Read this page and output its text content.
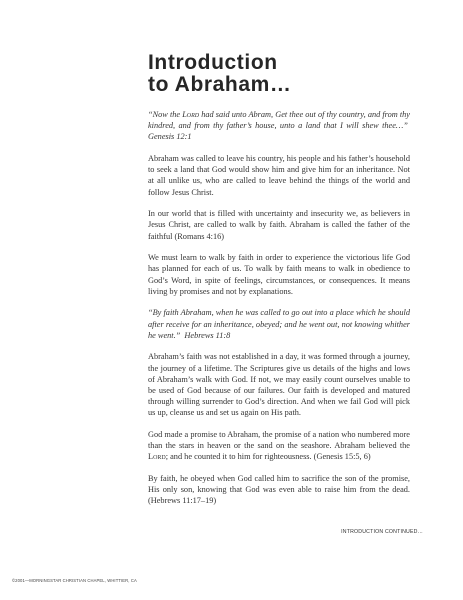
Introduction
to Abraham…

“Now the Lord had said unto Abram, Get thee out of thy country, and from thy kindred, and from thy father’s house, unto a land that I will shew thee…”  Genesis 12:1

Abraham was called to leave his country, his people and his father’s household to seek a land that God would show him and give him for an inheritance. Not at all unlike us, who are called to leave behind the things of the world and follow Jesus Christ.

In our world that is filled with uncertainty and insecurity we, as believers in Jesus Christ, are called to walk by faith. Abraham is called the father of the faithful (Romans 4:16)

We must learn to walk by faith in order to experience the victorious life God has planned for each of us. To walk by faith means to walk in obedience to God’s Word, in spite of feelings, circumstances, or consequences. It means living by promises and not by explanations.

“By faith Abraham, when he was called to go out into a place which he should after receive for an inheritance, obeyed; and he went out, not knowing whither he went.” Hebrews 11:8

Abraham’s faith was not established in a day, it was formed through a journey, the journey of a lifetime. The Scriptures give us details of the highs and lows of Abraham’s walk with God. If not, we may easily count ourselves unable to be used of God because of our failures. Our faith is developed and matured through willing surrender to God’s direction. And when we fail God will pick us up, cleanse us and set us again on His path.

God made a promise to Abraham, the promise of a nation who numbered more than the stars in heaven or the sand on the seashore. Abraham believed the Lord; and he counted it to him for righteousness. (Genesis 15:5, 6)

By faith, he obeyed when God called him to sacrifice the son of the promise, His only son, knowing that God was even able to raise him from the dead. (Hebrews 11:17–19)

INTRODUCTION CONTINUED…
©2001—MORNINGSTAR CHRISTIAN CHAPEL, WHITTIER, CA
